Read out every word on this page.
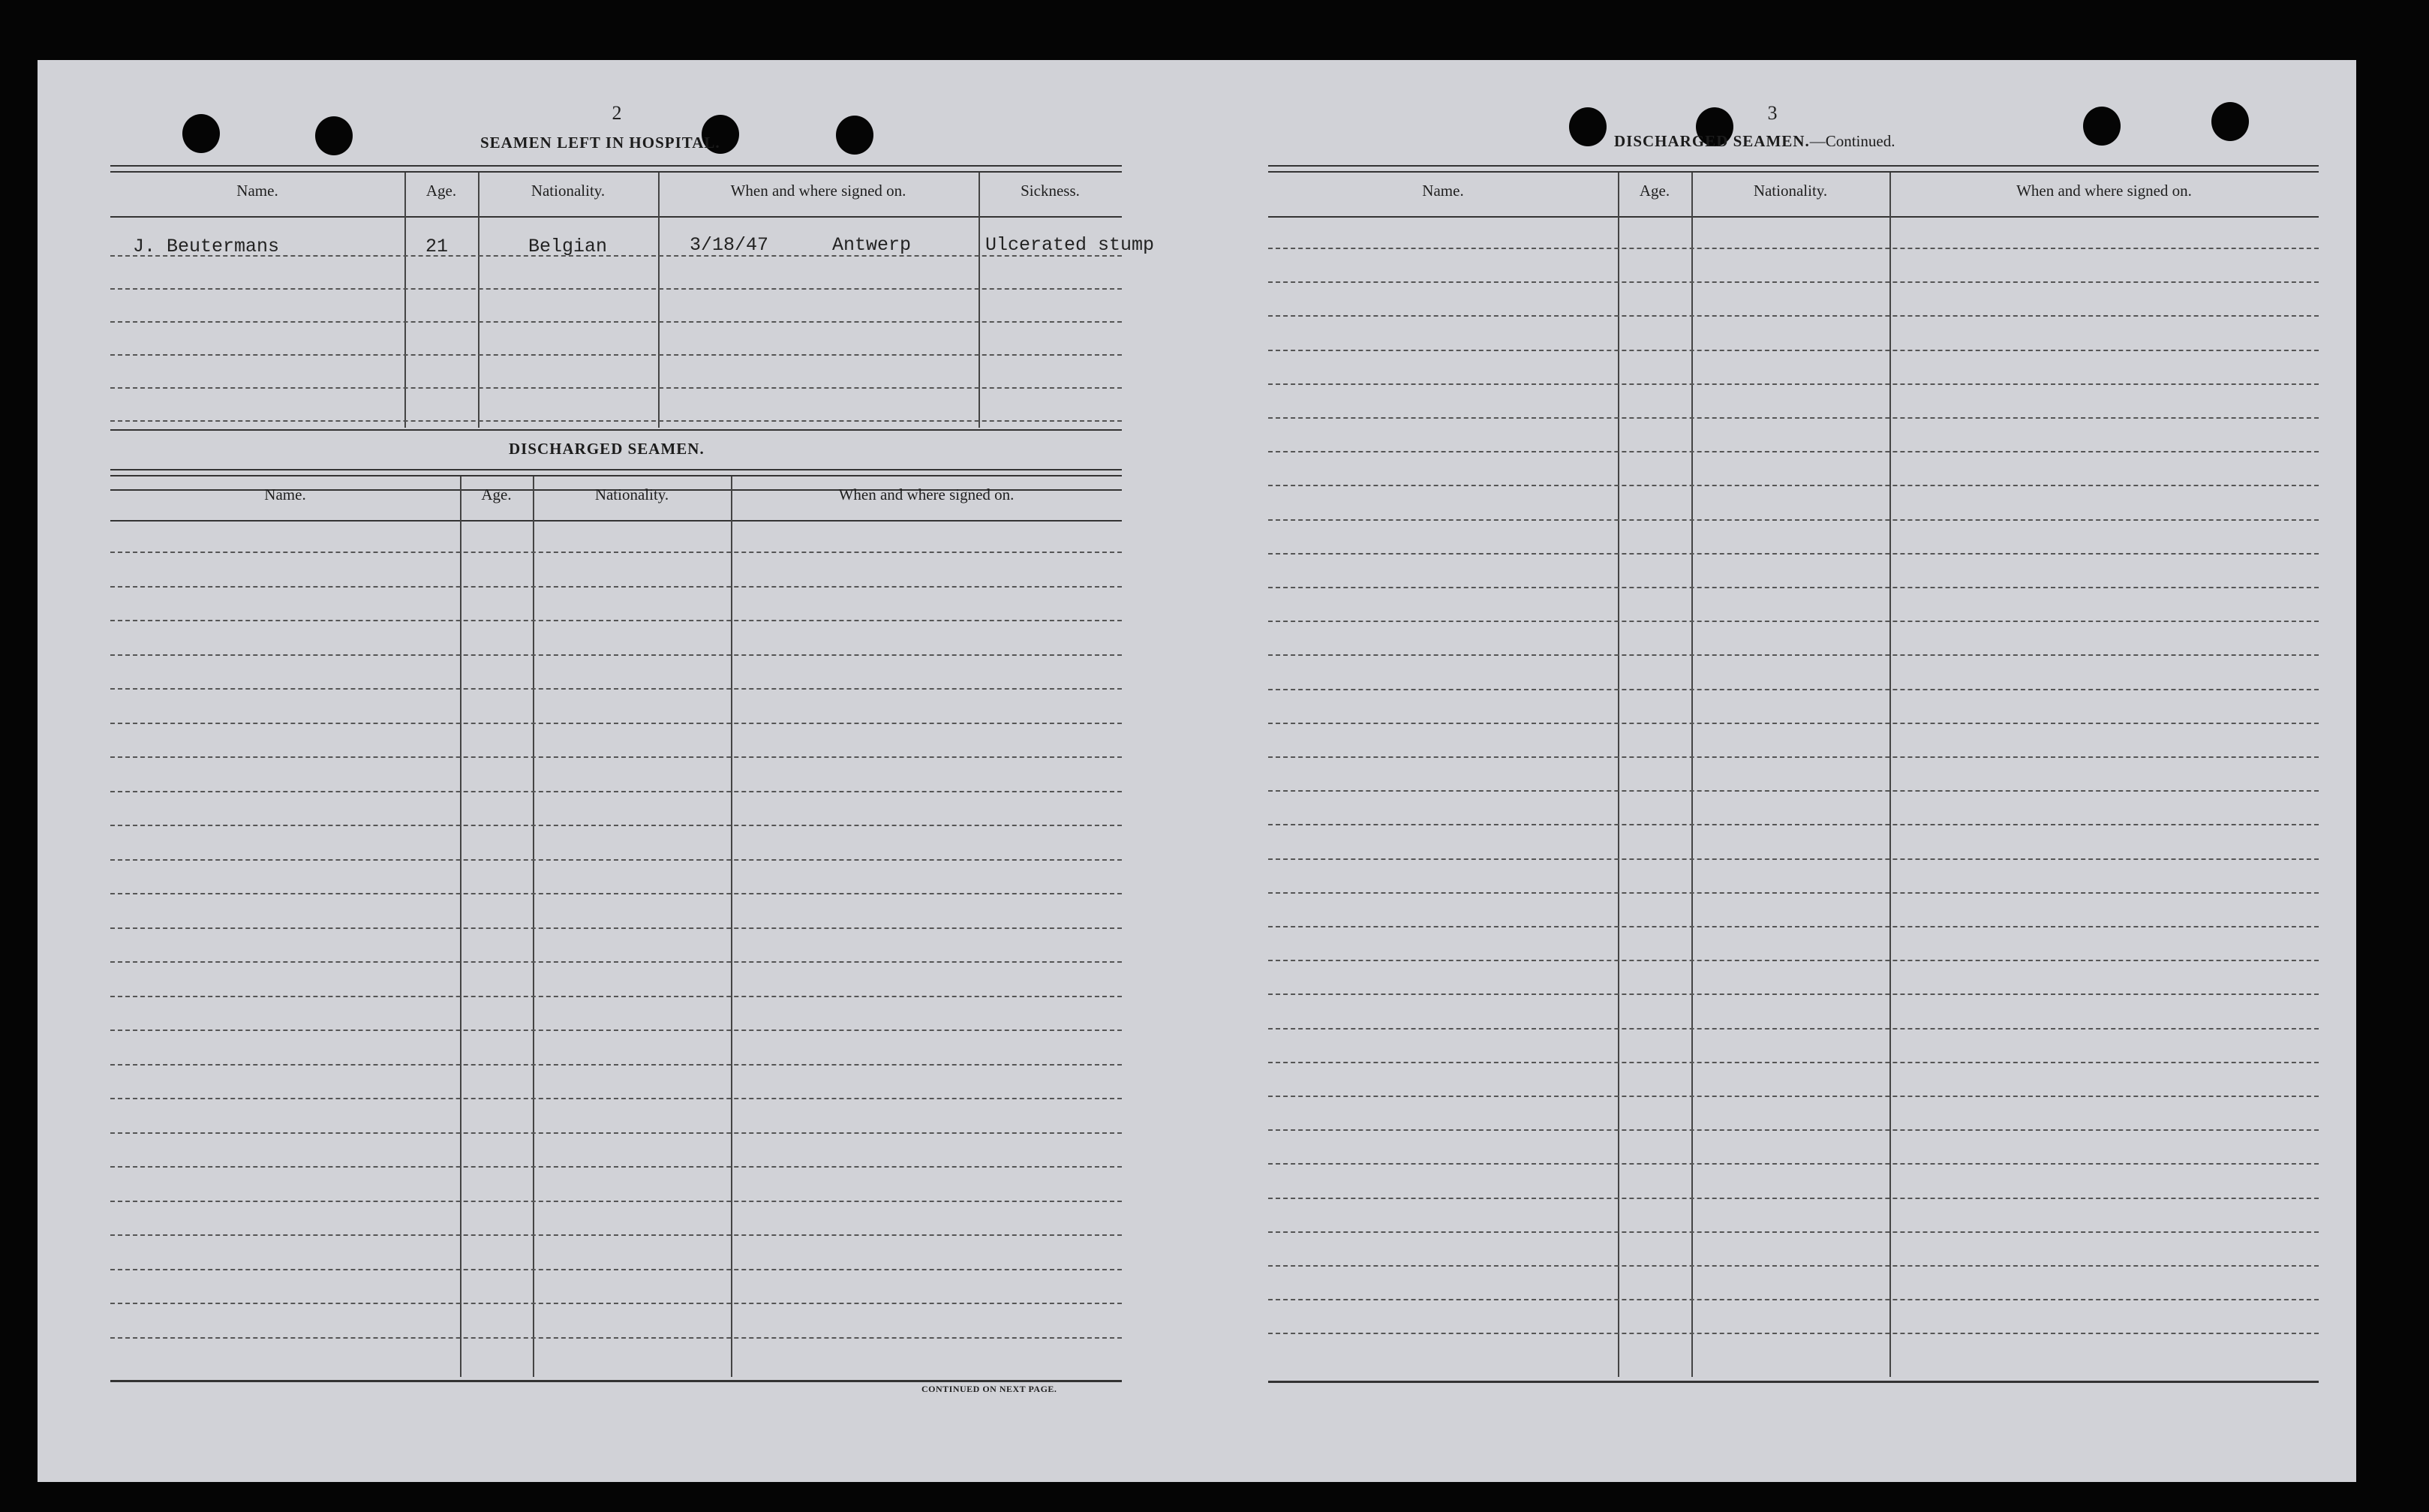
2
SEAMEN LEFT IN HOSPITAL.
Name.	Age.	Nationality.	When and where signed on.	Sickness.
J. Beutermans	21	Belgian	3/18/47	Antwerp	Ulcerated stump
DISCHARGED SEAMEN.
Name.	Age.	Nationality.	When and where signed on.
CONTINUED ON NEXT PAGE.
3
DISCHARGED SEAMEN.—Continued.
Name.	Age.	Nationality.	When and where signed on.
